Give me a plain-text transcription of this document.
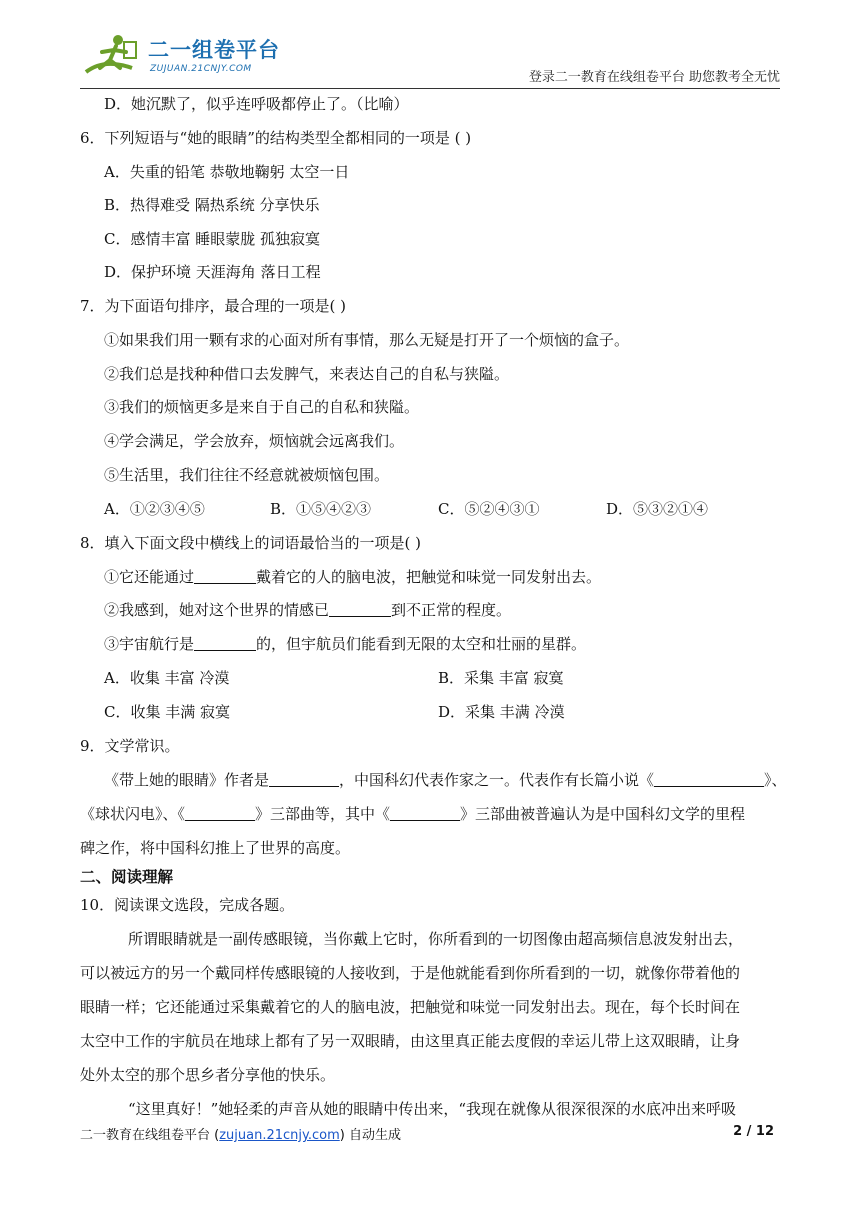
二一组卷平台
ZUJUAN.21CNJY.COM
登录二一教育在线组卷平台 助您教考全无忧
D．她沉默了，似乎连呼吸都停止了。（比喻）
6．下列短语与“她的眼睛”的结构类型全都相同的一项是 ( )
A．失重的铅笔 恭敬地鞠躬 太空一日
B．热得难受 隔热系统 分享快乐
C．感情丰富 睡眼蒙胧 孤独寂寞
D．保护环境 天涯海角 落日工程
7．为下面语句排序，最合理的一项是( )
①如果我们用一颗有求的心面对所有事情，那么无疑是打开了一个烦恼的盒子。
②我们总是找种种借口去发脾气，来表达自己的自私与狭隘。
③我们的烦恼更多是来自于自己的自私和狭隘。
④学会满足，学会放弃，烦恼就会远离我们。
⑤生活里，我们往往不经意就被烦恼包围。
A．①②③④⑤	B．①⑤④②③	C．⑤②④③①	D．⑤③②①④
8．填入下面文段中横线上的词语最恰当的一项是( )
①它还能通过	戴着它的人的脑电波，把触觉和味觉一同发射出去。
②我感到，她对这个世界的情感已	到不正常的程度。
③宇宙航行是	的，但宇航员们能看到无限的太空和壮丽的星群。
A．收集 丰富 冷漠	B．采集 丰富 寂寞
C．收集 丰满 寂寞	D．采集 丰满 冷漠
9．文学常识。
《带上她的眼睛》作者是	，中国科幻代表作家之一。代表作有长篇小说《	》、
《球状闪电》、《	》三部曲等，其中《	》三部曲被普遍认为是中国科幻文学的里程
碑之作，将中国科幻推上了世界的高度。
二、阅读理解
10．阅读课文选段，完成各题。
所谓眼睛就是一副传感眼镜，当你戴上它时，你所看到的一切图像由超高频信息波发射出去，
可以被远方的另一个戴同样传感眼镜的人接收到，于是他就能看到你所看到的一切，就像你带着他的
眼睛一样；它还能通过采集戴着它的人的脑电波，把触觉和味觉一同发射出去。现在，每个长时间在
太空中工作的宇航员在地球上都有了另一双眼睛，由这里真正能去度假的幸运儿带上这双眼睛，让身
处外太空的那个思乡者分享他的快乐。
“这里真好！”她轻柔的声音从她的眼睛中传出来，“我现在就像从很深很深的水底冲出来呼吸
二一教育在线组卷平台 (zujuan.21cnjy.com) 自动生成	2 / 12
